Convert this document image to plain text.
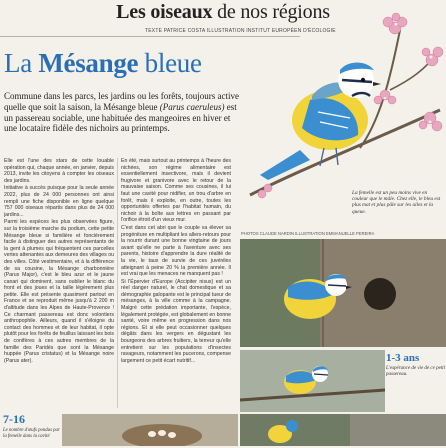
Les oiseaux de nos régions
TEXTE PATRICE COSTA ILLUSTRATION INSTITUT EUROPÉEN D'ÉCOLOGIE
La Mésange bleue

Commune dans les parcs, les jardins ou les forêts, toujours active quelle que soit la saison, la Mésange bleue (Parus caeruleus) est un passereau sociable, une habituée des mangeoires en hiver et une locataire fidèle des nichoirs au printemps.

Elle est l'une des stars de cette louable opération qui, chaque année, en janvier, depuis 2013, invite les citoyens à compter les oiseaux des jardins.

Initiative à succès puisque pour la seule année 2022, plus de 24 000 personnes ont ainsi rempli une fiche disponible en ligne quelque 757 000 oiseaux répartis dans plus de 24 000 jardins...

Parmi les espèces les plus observées figure, sur la troisième marche du podium, cette petite Mésange bleue si familière et foncièrement facile à distinguer des autres représentants de la gent à plumes qui fréquentent ces parcelles vertes attenantes aux demeures des villages ou des villes. Côté vestimentaire, et à la différence de sa cousine, la Mésange charbonnière (Parus Major), c'est le bleu azur et le jaune canari qui dominent, sans oublier le blanc du front et des joues et la taille légèrement plus petite. Elle est présente quasiment partout en France et se reproduit même jusqu'à 2 200 m d'altitude dans les Alpes de Haute-Provence ! Ce charmant passereau est donc volontiers anthropophile. Ailleurs, quand il s'éloigne du contact des hommes et de leur habitat, il opte plutôt pour les forêts de feuillus laissant les bois de conifères à ces autres membres de la famille des Paridés que sont la Mésange huppée (Parus cristatus) et la Mésange noire (Parus ater).

En été, mais surtout au printemps à l'heure des nichées, son régime alimentaire est essentiellement insectivore, mais il devient frugivore et granivore avec le retour de la mauvaise saison. Comme ses cousines, il lui faut une cavité pour nidifier, un trou d'arbre en forêt, mais il exploite, en outre, toutes les opportunités offertes par l'habitat humain, du nichoir à la boîte aux lettres en passant par l'orifice étroit d'un vieux mur.

C'est dans cet abri que le couple va élever sa progéniture en multipliant les allers-retours pour la nourrir durant une bonne vingtaine de jours avant qu'elle ne parte à l'aventure avec ses parents, histoire d'apprendre la dure réalité de la vie, le taux de survie de ces juvéniles atteignant à peine 20 % la première année. Il est vrai que les menaces ne manquent pas !

Si l'Épervier d'Europe (Accipiter nisus) est un réel danger naturel, le chat domestique et sa démographie galopante est le principal tueur de mésanges, à la ville comme à la campagne. Malgré cette prédation importante, l'espèce, légalement protégée, est globalement en bonne santé, voire même en progression dans nos régions. Et si elle peut occasionner quelques dégâts dans les vergers en dégustant les bourgeons des arbres fruitiers, la terreur qu'elle entretient sur les populations d'insectes ravageurs, notamment les pucerons, compense largement ce petit écart nutritif...

La femelle est un peu moins vive en couleur que le mâle. Chez elle, le bleu est plus mat et plus pâle sur les ailes et la queue.
PHOTOS CLAUDE NARDIN ILLUSTRATION EMMANUELLE PEREIRA
1-3 ans
L'espérance de vie de ce petit passereau.
7-16
Le nombre d'œufs pondus par la femelle dans la cavité
